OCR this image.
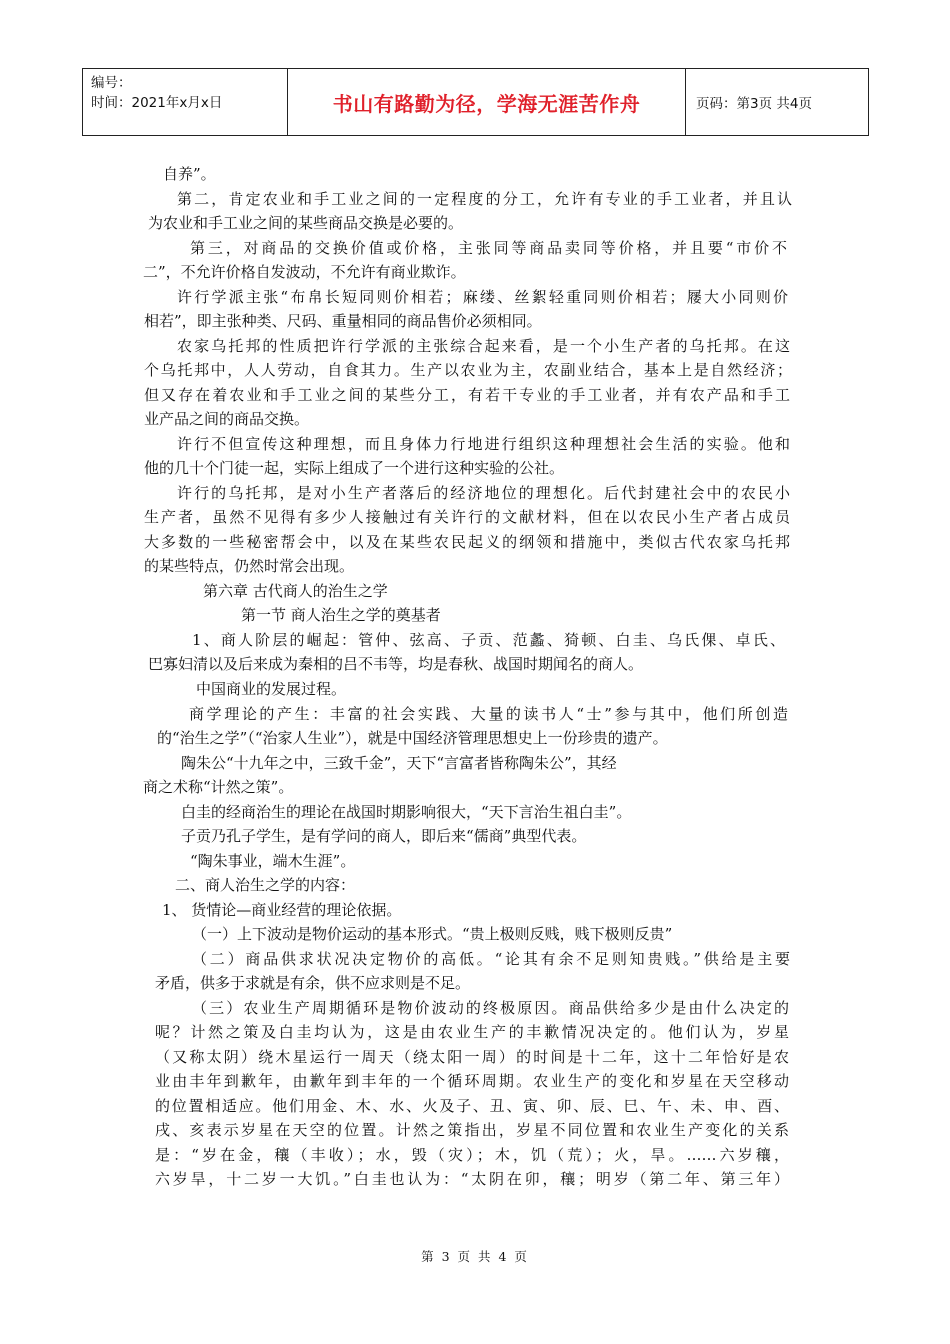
编号：
时间：2021年x月x日	书山有路勤为径，学海无涯苦作舟	页码：第3页 共4页
自养”。
第二，肯定农业和手工业之间的一定程度的分工，允许有专业的手工业者，并且认
为农业和手工业之间的某些商品交换是必要的。
第三，对商品的交换价值或价格，主张同等商品卖同等价格，并且要“市价不
二”，不允许价格自发波动，不允许有商业欺诈。
许行学派主张“布帛长短同则价相若；麻缕、丝絮轻重同则价相若；屦大小同则价
相若”，即主张种类、尺码、重量相同的商品售价必须相同。
农家乌托邦的性质把许行学派的主张综合起来看，是一个小生产者的乌托邦。在这
个乌托邦中，人人劳动，自食其力。生产以农业为主，农副业结合，基本上是自然经济；
但又存在着农业和手工业之间的某些分工，有若干专业的手工业者，并有农产品和手工
业产品之间的商品交换。
许行不但宣传这种理想，而且身体力行地进行组织这种理想社会生活的实验。他和
他的几十个门徒一起，实际上组成了一个进行这种实验的公社。
许行的乌托邦，是对小生产者落后的经济地位的理想化。后代封建社会中的农民小
生产者，虽然不见得有多少人接触过有关许行的文献材料，但在以农民小生产者占成员
大多数的一些秘密帮会中，以及在某些农民起义的纲领和措施中，类似古代农家乌托邦
的某些特点，仍然时常会出现。
第六章 古代商人的治生之学
第一节 商人治生之学的奠基者
1、商人阶层的崛起：管仲、弦高、子贡、范蠡、猗顿、白圭、乌氏倮、卓氏、
巴寡妇清以及后来成为秦相的吕不韦等，均是春秋、战国时期闻名的商人。
中国商业的发展过程。
商学理论的产生：丰富的社会实践、大量的读书人“士”参与其中，他们所创造
的“治生之学”（“治家人生业”），就是中国经济管理思想史上一份珍贵的遗产。
陶朱公“十九年之中，三致千金”，天下“言富者皆称陶朱公”，其经
商之术称“计然之策”。
白圭的经商治生的理论在战国时期影响很大，“天下言治生祖白圭”。
子贡乃孔子学生，是有学问的商人，即后来“儒商”典型代表。
“陶朱事业，端木生涯”。
二、商人治生之学的内容：
1、 货情论—商业经营的理论依据。
（一）上下波动是物价运动的基本形式。“贵上极则反贱，贱下极则反贵”
（二）商品供求状况决定物价的高低。“论其有余不足则知贵贱。”供给是主要
矛盾，供多于求就是有余，供不应求则是不足。
（三）农业生产周期循环是物价波动的终极原因。商品供给多少是由什么决定的
呢？计然之策及白圭均认为，这是由农业生产的丰歉情况决定的。他们认为，岁星
（又称太阴）绕木星运行一周天（绕太阳一周）的时间是十二年，这十二年恰好是农
业由丰年到歉年，由歉年到丰年的一个循环周期。农业生产的变化和岁星在天空移动
的位置相适应。他们用金、木、水、火及子、丑、寅、卯、辰、巳、午、未、申、酉、
戌、亥表示岁星在天空的位置。计然之策指出，岁星不同位置和农业生产变化的关系
是：“岁在金，穰（丰收）；水，毁（灾）；木，饥（荒）；火，旱。……六岁穰，
六岁旱，十二岁一大饥。”白圭也认为：“太阴在卯，穰；明岁（第二年、第三年）
第 3 页 共 4 页
